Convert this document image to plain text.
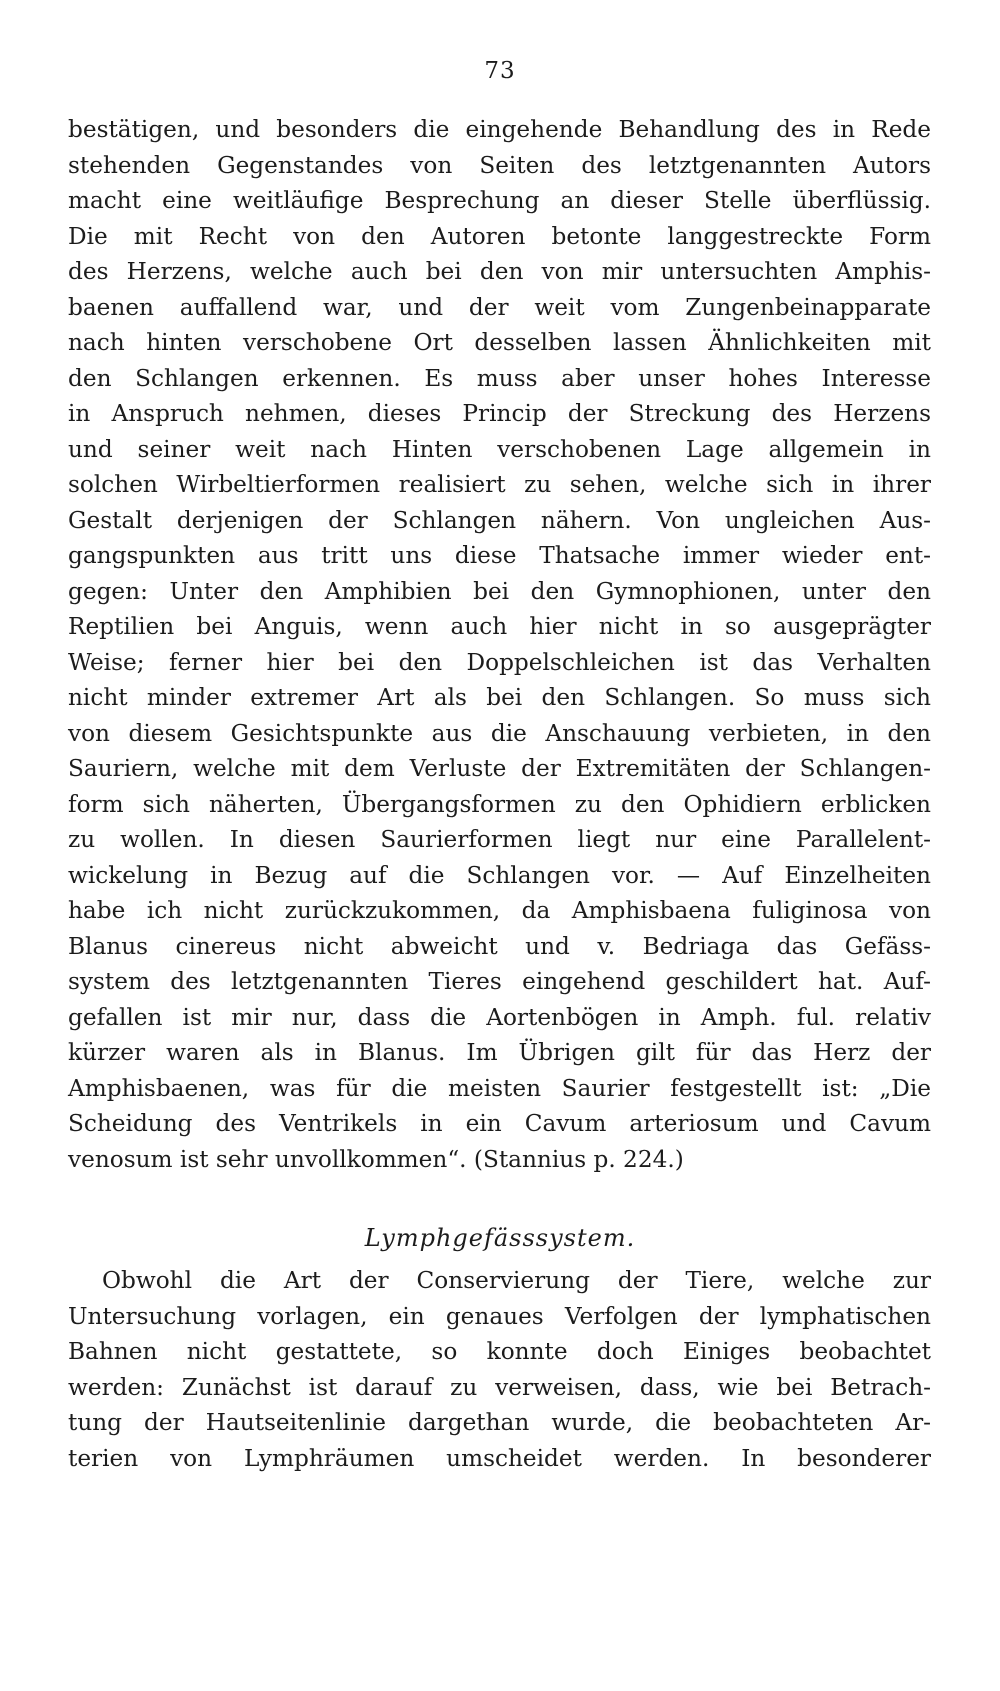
73
bestätigen, und besonders die eingehende Behandlung des in Rede
stehenden Gegenstandes von Seiten des letztgenannten Autors
macht eine weitläufige Besprechung an dieser Stelle überflüssig.
Die mit Recht von den Autoren betonte langgestreckte Form
des Herzens, welche auch bei den von mir untersuchten Amphis-
baenen auffallend war, und der weit vom Zungenbeinapparate
nach hinten verschobene Ort desselben lassen Ähnlichkeiten mit
den Schlangen erkennen. Es muss aber unser hohes Interesse
in Anspruch nehmen, dieses Princip der Streckung des Herzens
und seiner weit nach Hinten verschobenen Lage allgemein in
solchen Wirbeltierformen realisiert zu sehen, welche sich in ihrer
Gestalt derjenigen der Schlangen nähern. Von ungleichen Aus-
gangspunkten aus tritt uns diese Thatsache immer wieder ent-
gegen: Unter den Amphibien bei den Gymnophionen, unter den
Reptilien bei Anguis, wenn auch hier nicht in so ausgeprägter
Weise; ferner hier bei den Doppelschleichen ist das Verhalten
nicht minder extremer Art als bei den Schlangen. So muss sich
von diesem Gesichtspunkte aus die Anschauung verbieten, in den
Sauriern, welche mit dem Verluste der Extremitäten der Schlangen-
form sich näherten, Übergangsformen zu den Ophidiern erblicken
zu wollen. In diesen Saurierformen liegt nur eine Parallelent-
wickelung in Bezug auf die Schlangen vor. — Auf Einzelheiten
habe ich nicht zurückzukommen, da Amphisbaena fuliginosa von
Blanus cinereus nicht abweicht und v. Bedriaga das Gefäss-
system des letztgenannten Tieres eingehend geschildert hat. Auf-
gefallen ist mir nur, dass die Aortenbögen in Amph. ful. relativ
kürzer waren als in Blanus. Im Übrigen gilt für das Herz der
Amphisbaenen, was für die meisten Saurier festgestellt ist: „Die
Scheidung des Ventrikels in ein Cavum arteriosum und Cavum
venosum ist sehr unvollkommen“. (Stannius p. 224.)
Lymphgefässsystem.
Obwohl die Art der Conservierung der Tiere, welche zur
Untersuchung vorlagen, ein genaues Verfolgen der lymphatischen
Bahnen nicht gestattete, so konnte doch Einiges beobachtet
werden: Zunächst ist darauf zu verweisen, dass, wie bei Betrach-
tung der Hautseitenlinie dargethan wurde, die beobachteten Ar-
terien von Lymphräumen umscheidet werden. In besonderer
